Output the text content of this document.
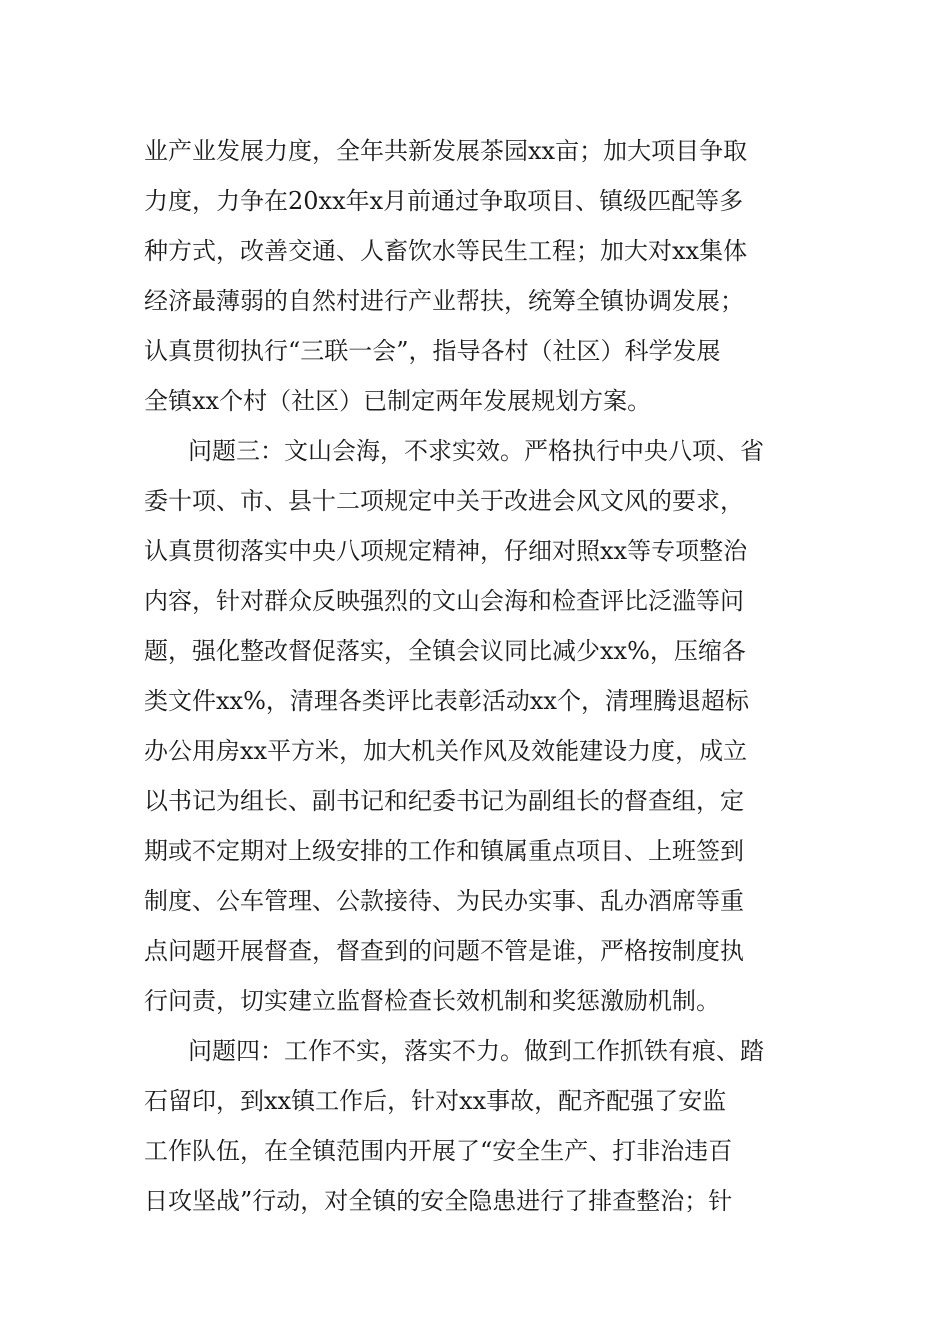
业产业发展力度，全年共新发展茶园xx亩；加大项目争取
力度，力争在20xx年x月前通过争取项目、镇级匹配等多
种方式，改善交通、人畜饮水等民生工程；加大对xx集体
经济最薄弱的自然村进行产业帮扶，统筹全镇协调发展；
认真贯彻执行“三联一会”，指导各村（社区）科学发展
全镇xx个村（社区）已制定两年发展规划方案。
问题三：文山会海，不求实效。严格执行中央八项、省
委十项、市、县十二项规定中关于改进会风文风的要求，
认真贯彻落实中央八项规定精神，仔细对照xx等专项整治
内容，针对群众反映强烈的文山会海和检查评比泛滥等问
题，强化整改督促落实，全镇会议同比减少xx%，压缩各
类文件xx%，清理各类评比表彰活动xx个，清理腾退超标
办公用房xx平方米，加大机关作风及效能建设力度，成立
以书记为组长、副书记和纪委书记为副组长的督查组，定
期或不定期对上级安排的工作和镇属重点项目、上班签到
制度、公车管理、公款接待、为民办实事、乱办酒席等重
点问题开展督查，督查到的问题不管是谁，严格按制度执
行问责，切实建立监督检查长效机制和奖惩激励机制。
问题四：工作不实，落实不力。做到工作抓铁有痕、踏
石留印，到xx镇工作后，针对xx事故，配齐配强了安监
工作队伍，在全镇范围内开展了“安全生产、打非治违百
日攻坚战”行动，对全镇的安全隐患进行了排查整治；针
